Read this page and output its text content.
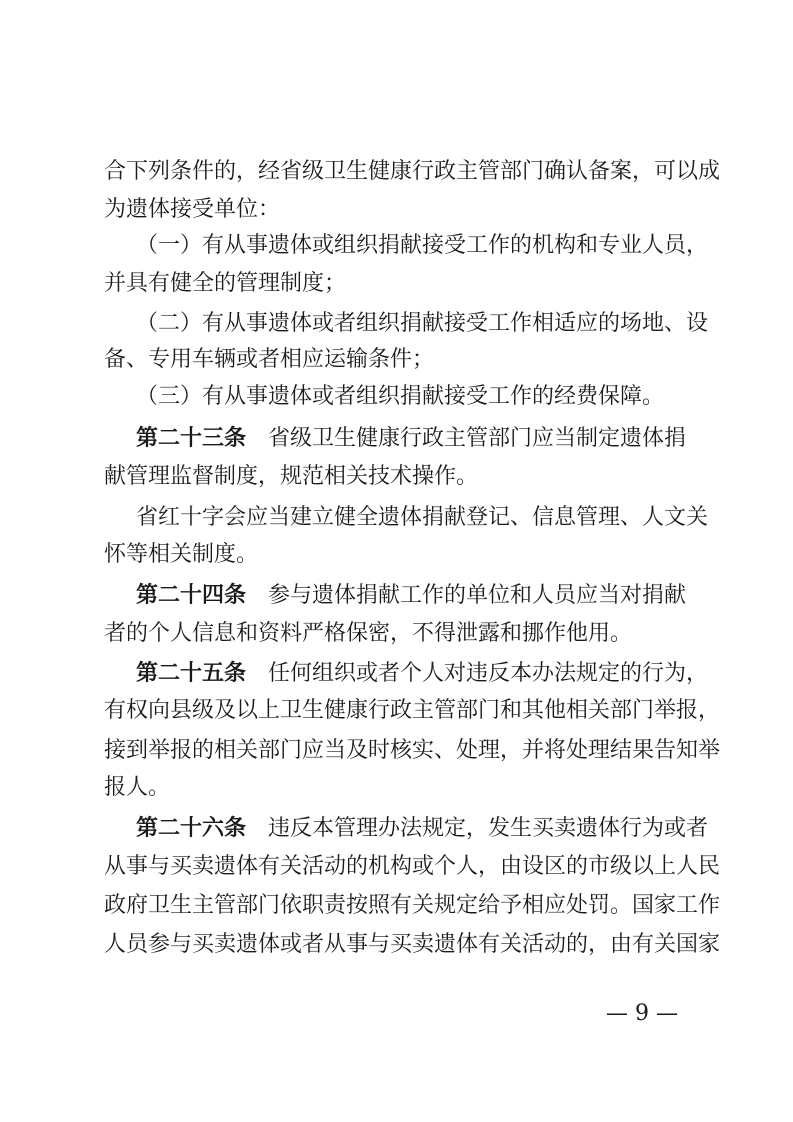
合下列条件的，经省级卫生健康行政主管部门确认备案，可以成
为遗体接受单位：
（一）有从事遗体或组织捐献接受工作的机构和专业人员，
并具有健全的管理制度；
（二）有从事遗体或者组织捐献接受工作相适应的场地、设
备、专用车辆或者相应运输条件；
（三）有从事遗体或者组织捐献接受工作的经费保障。
第二十三条　省级卫生健康行政主管部门应当制定遗体捐
献管理监督制度，规范相关技术操作。
省红十字会应当建立健全遗体捐献登记、信息管理、人文关
怀等相关制度。
第二十四条　参与遗体捐献工作的单位和人员应当对捐献
者的个人信息和资料严格保密，不得泄露和挪作他用。
第二十五条　任何组织或者个人对违反本办法规定的行为，
有权向县级及以上卫生健康行政主管部门和其他相关部门举报，
接到举报的相关部门应当及时核实、处理，并将处理结果告知举
报人。
第二十六条　违反本管理办法规定，发生买卖遗体行为或者
从事与买卖遗体有关活动的机构或个人，由设区的市级以上人民
政府卫生主管部门依职责按照有关规定给予相应处罚。国家工作
人员参与买卖遗体或者从事与买卖遗体有关活动的，由有关国家
— 9 —
